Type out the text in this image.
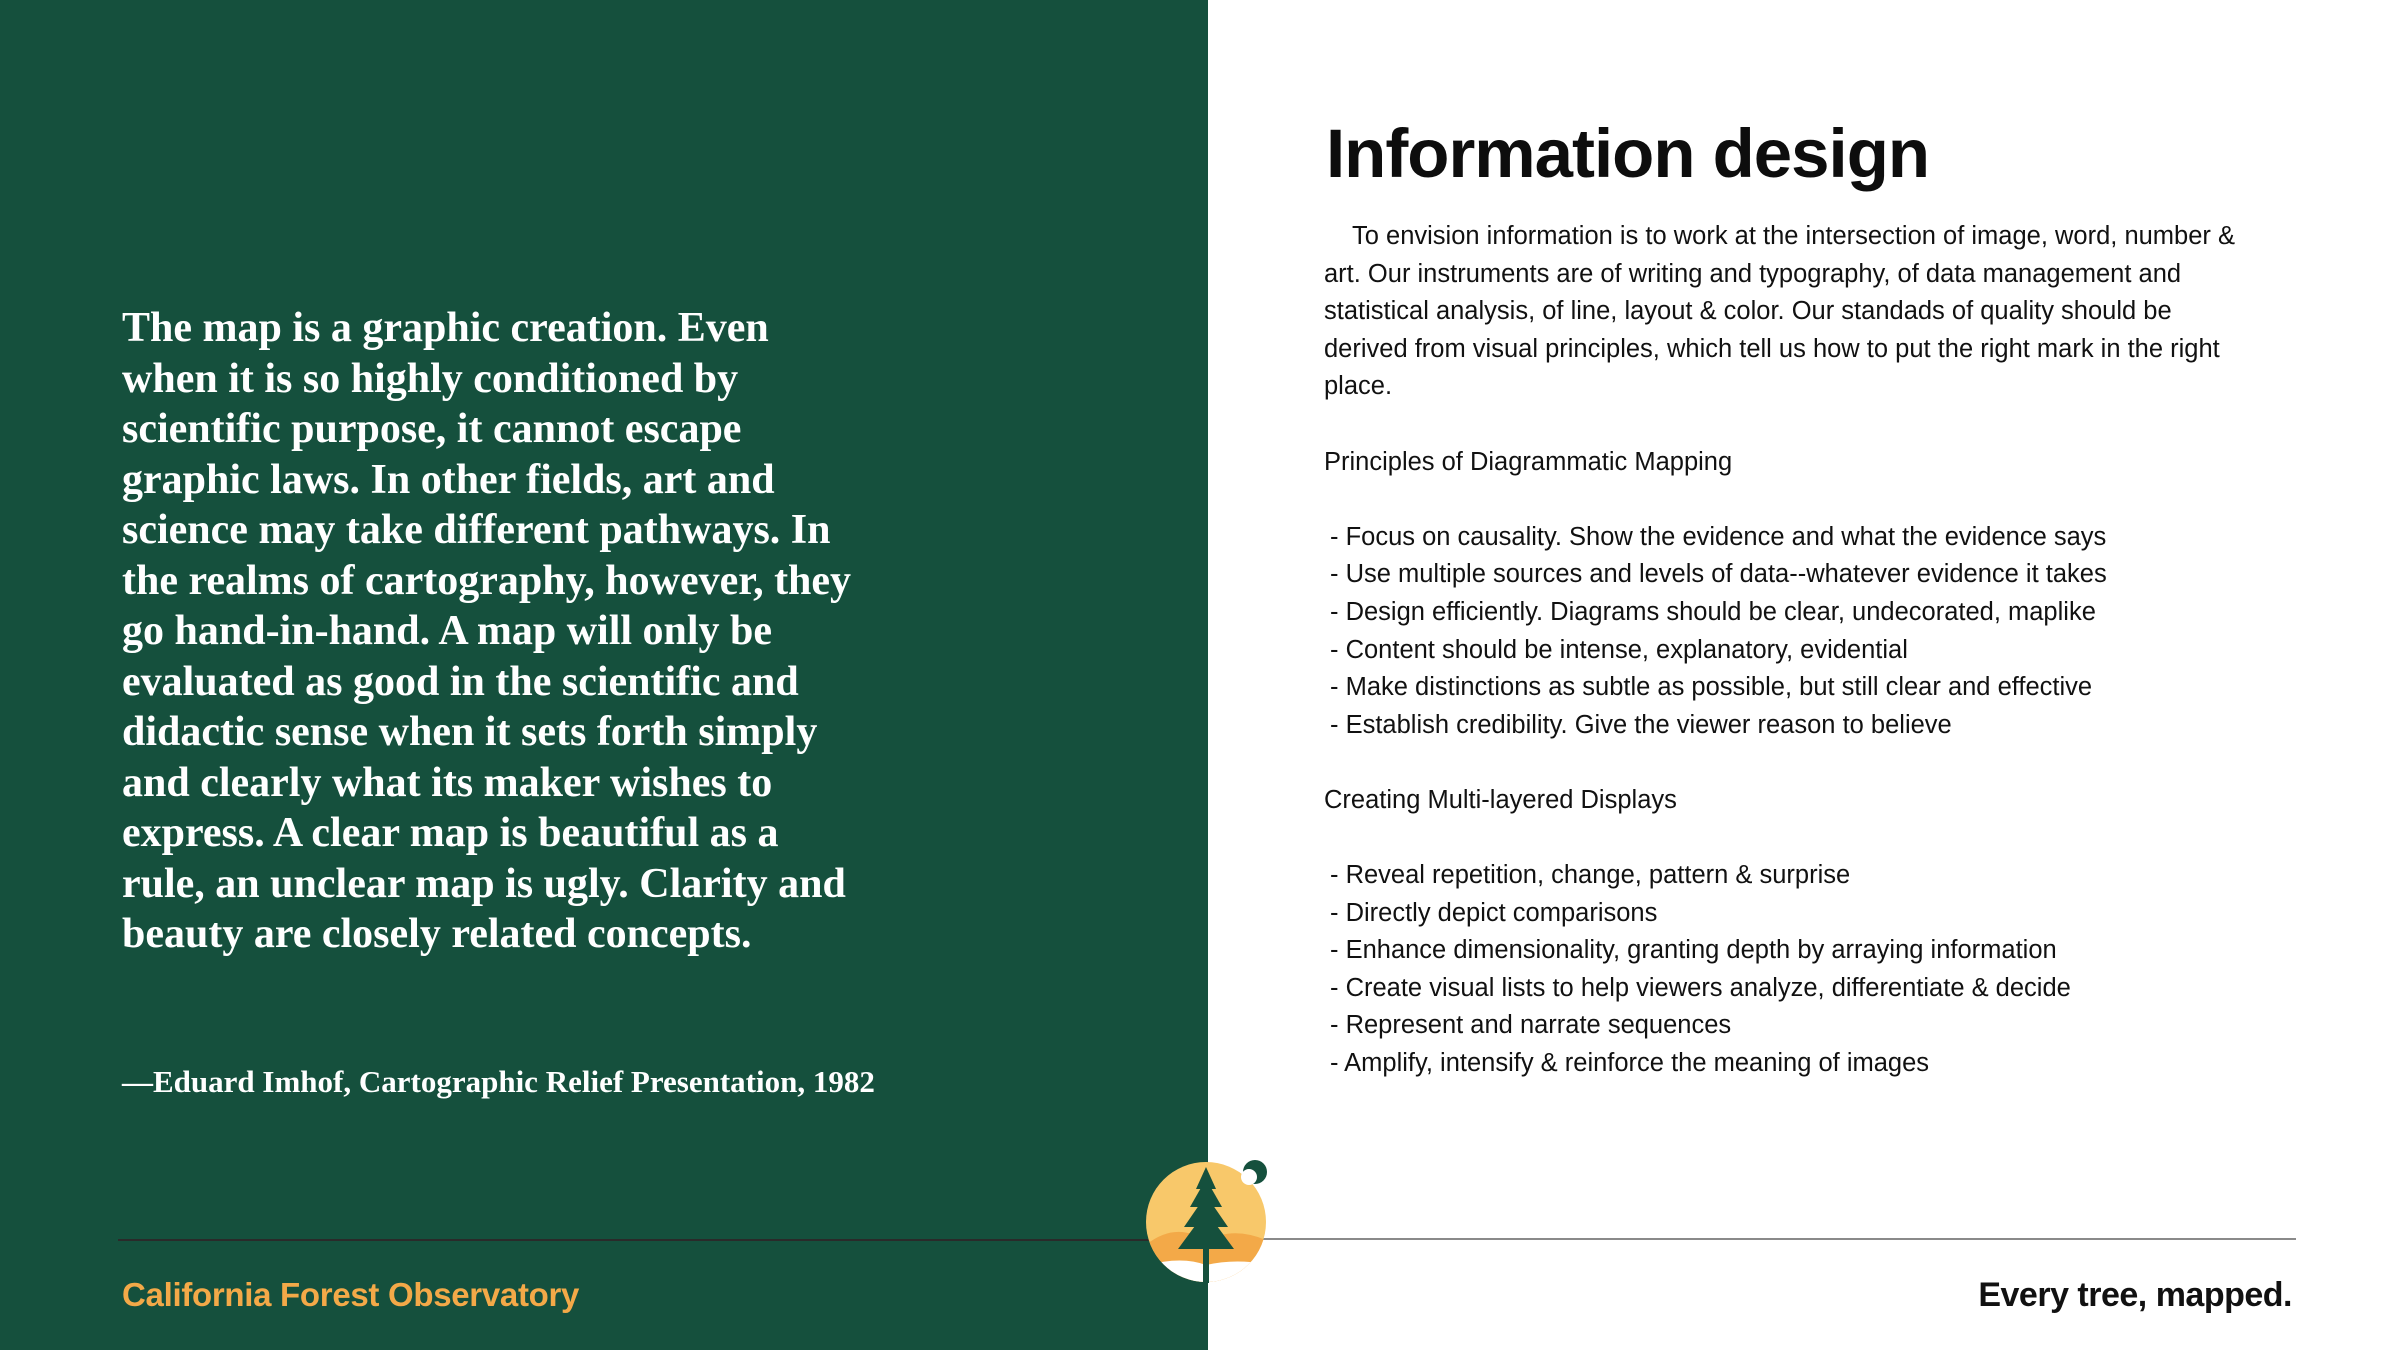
The map is a graphic creation. Even
when it is so highly conditioned by
scientific purpose, it cannot escape
graphic laws. In other fields, art and
science may take different pathways. In
the realms of cartography, however, they
go hand-in-hand. A map will only be
evaluated as good in the scientific and
didactic sense when it sets forth simply
and clearly what its maker wishes to
express. A clear map is beautiful as a
rule, an unclear map is ugly. Clarity and
beauty are closely related concepts.

—Eduard Imhof, Cartographic Relief Presentation, 1982

California Forest Observatory

Information design

To envision information is to work at the intersection of image, word, number & art. Our instruments are of writing and typography, of data management and statistical analysis, of line, layout & color. Our standads of quality should be derived from visual principles, which tell us how to put the right mark in the right place.

Principles of Diagrammatic Mapping
- Focus on causality. Show the evidence and what the evidence says
- Use multiple sources and levels of data--whatever evidence it takes
- Design efficiently. Diagrams should be clear, undecorated, maplike
- Content should be intense, explanatory, evidential
- Make distinctions as subtle as possible, but still clear and effective
- Establish credibility. Give the viewer reason to believe
Creating Multi-layered Displays
- Reveal repetition, change, pattern & surprise
- Directly depict comparisons
- Enhance dimensionality, granting depth by arraying information
- Create visual lists to help viewers analyze, differentiate & decide
- Represent and narrate sequences
- Amplify, intensify & reinforce the meaning of images

Every tree, mapped.
